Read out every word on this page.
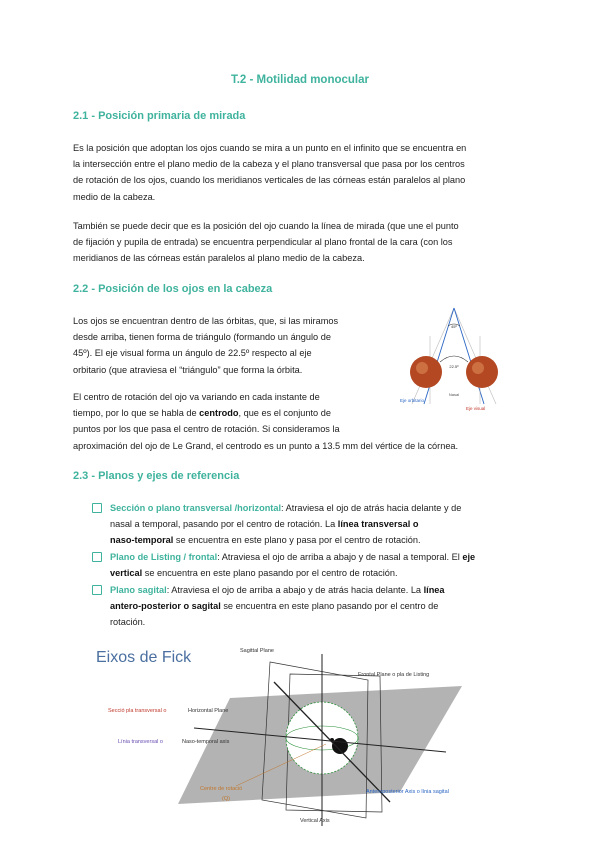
T.2 - Motilidad monocular
2.1 - Posición primaria de mirada
Es la posición que adoptan los ojos cuando se mira a un punto en el infinito que se encuentra en
la intersección entre el plano medio de la cabeza y el plano transversal que pasa por los centros
de rotación de los ojos, cuando los meridianos verticales de las córneas están paralelos al plano
medio de la cabeza.
También se puede decir que es la posición del ojo cuando la línea de mirada (que une el punto
de fijación y pupila de entrada) se encuentra perpendicular al plano frontal de la cara (con los
meridianos de las córneas están paralelos al plano medio de la cabeza.
2.2 - Posición de los ojos en la cabeza
Los ojos se encuentran dentro de las órbitas, que, si las miramos
desde arriba, tienen forma de triángulo (formando un ángulo de
45º). El eje visual forma un ángulo de 22.5º respecto al eje
orbitario (que atraviesa el “triángulo” que forma la órbita.
El centro de rotación del ojo va variando en cada instante de
tiempo, por lo que se habla de centrodo, que es el conjunto de
puntos por los que pasa el centro de rotación. Si consideramos la
aproximación del ojo de Le Grand, el centrodo es un punto a 13.5 mm del vértice de la córnea.
45º
22.5º
Nasal
Eje orbitario
Eje visual
2.3 - Planos y ejes de referencia
Sección o plano transversal /horizontal: Atraviesa el ojo de atrás hacia delante y de
nasal a temporal, pasando por el centro de rotación. La línea transversal o
naso-temporal se encuentra en este plano y pasa por el centro de rotación.
Plano de Listing / frontal: Atraviesa el ojo de arriba a abajo y de nasal a temporal. El eje
vertical se encuentra en este plano pasando por el centro de rotación.
Plano sagital: Atraviesa el ojo de arriba a abajo y de atrás hacia delante. La línea
antero-posterior o sagital se encuentra en este plano pasando por el centro de
rotación.
Eixos de Fick	Sagittal Plane
Frontal Plane o pla de Listing
Secció pla transversal o	Horizontal Plane
Línia transversal o	Naso-temporal axis
Centre de rotació
(Q)
Anteroposterior Axis o línia sagital
Vertical Axis
